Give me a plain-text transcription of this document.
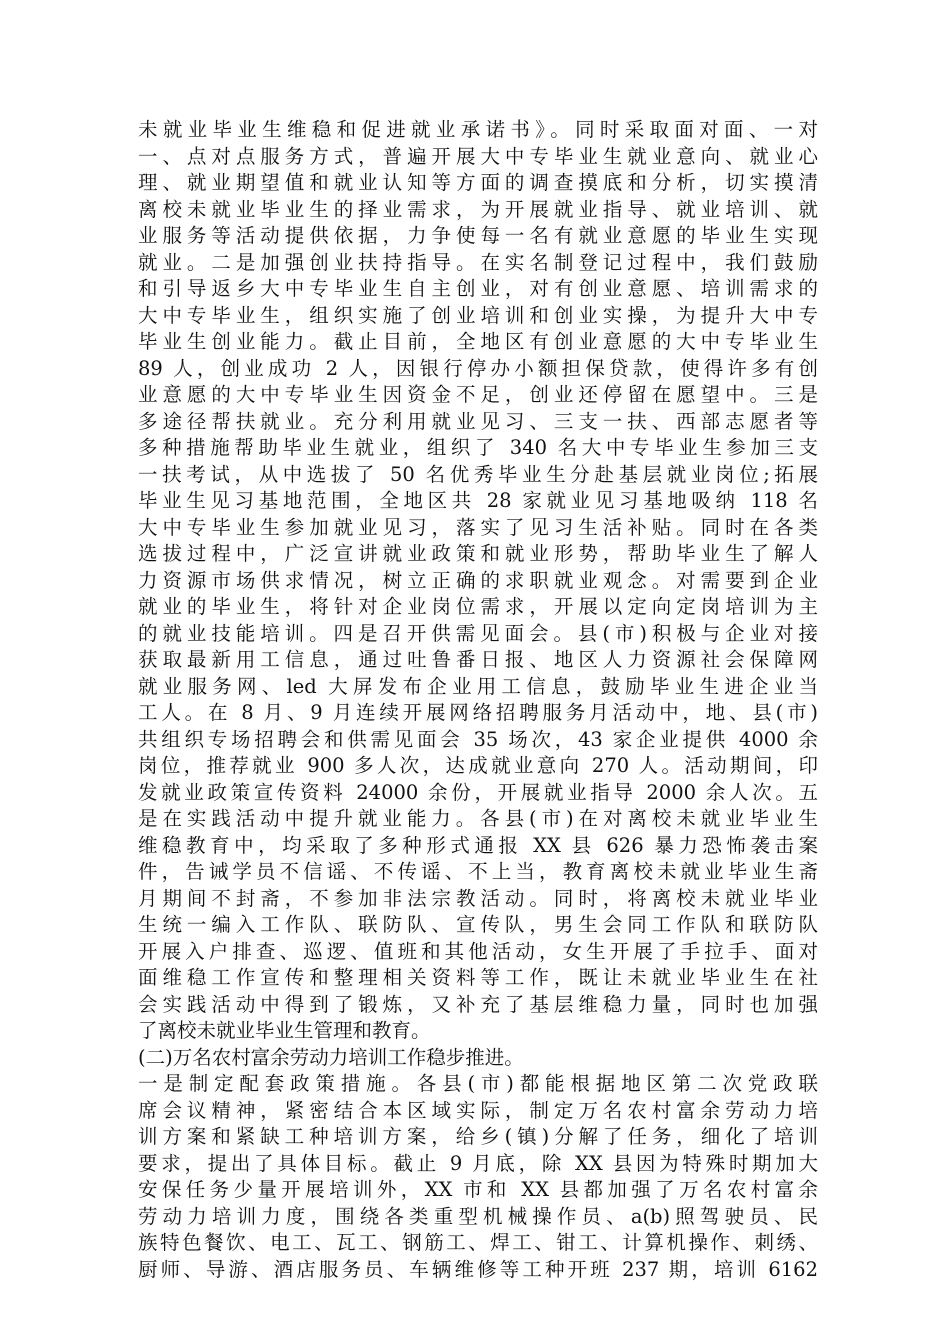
未就业毕业生维稳和促进就业承诺书》。同时采取面对面、一对
一、点对点服务方式，普遍开展大中专毕业生就业意向、就业心
理、就业期望值和就业认知等方面的调查摸底和分析，切实摸清
离校未就业毕业生的择业需求，为开展就业指导、就业培训、就
业服务等活动提供依据，力争使每一名有就业意愿的毕业生实现
就业。二是加强创业扶持指导。在实名制登记过程中，我们鼓励
和引导返乡大中专毕业生自主创业，对有创业意愿、培训需求的
大中专毕业生，组织实施了创业培训和创业实操，为提升大中专
毕业生创业能力。截止目前，全地区有创业意愿的大中专毕业生
89 人，创业成功 2 人，因银行停办小额担保贷款，使得许多有创
业意愿的大中专毕业生因资金不足，创业还停留在愿望中。三是
多途径帮扶就业。充分利用就业见习、三支一扶、西部志愿者等
多种措施帮助毕业生就业，组织了 340 名大中专毕业生参加三支
一扶考试，从中选拔了 50 名优秀毕业生分赴基层就业岗位;拓展
毕业生见习基地范围，全地区共 28 家就业见习基地吸纳 118 名
大中专毕业生参加就业见习，落实了见习生活补贴。同时在各类
选拔过程中，广泛宣讲就业政策和就业形势，帮助毕业生了解人
力资源市场供求情况，树立正确的求职就业观念。对需要到企业
就业的毕业生，将针对企业岗位需求，开展以定向定岗培训为主
的就业技能培训。四是召开供需见面会。县(市)积极与企业对接
获取最新用工信息，通过吐鲁番日报、地区人力资源社会保障网
就业服务网、led 大屏发布企业用工信息，鼓励毕业生进企业当
工人。在 8 月、9 月连续开展网络招聘服务月活动中，地、县(市)
共组织专场招聘会和供需见面会 35 场次，43 家企业提供 4000 余
岗位，推荐就业 900 多人次，达成就业意向 270 人。活动期间，印
发就业政策宣传资料 24000 余份，开展就业指导 2000 余人次。五
是在实践活动中提升就业能力。各县(市)在对离校未就业毕业生
维稳教育中，均采取了多种形式通报 XX 县 626 暴力恐怖袭击案
件，告诫学员不信谣、不传谣、不上当，教育离校未就业毕业生斋
月期间不封斋，不参加非法宗教活动。同时，将离校未就业毕业
生统一编入工作队、联防队、宣传队，男生会同工作队和联防队
开展入户排查、巡逻、值班和其他活动，女生开展了手拉手、面对
面维稳工作宣传和整理相关资料等工作，既让未就业毕业生在社
会实践活动中得到了锻炼，又补充了基层维稳力量，同时也加强
了离校未就业毕业生管理和教育。
(二)万名农村富余劳动力培训工作稳步推进。
一是制定配套政策措施。各县(市)都能根据地区第二次党政联
席会议精神，紧密结合本区域实际，制定万名农村富余劳动力培
训方案和紧缺工种培训方案，给乡(镇)分解了任务，细化了培训
要求，提出了具体目标。截止 9 月底，除 XX 县因为特殊时期加大
安保任务少量开展培训外，XX 市和 XX 县都加强了万名农村富余
劳动力培训力度，围绕各类重型机械操作员、a(b)照驾驶员、民
族特色餐饮、电工、瓦工、钢筋工、焊工、钳工、计算机操作、刺绣、
厨师、导游、酒店服务员、车辆维修等工种开班 237 期，培训 6162
